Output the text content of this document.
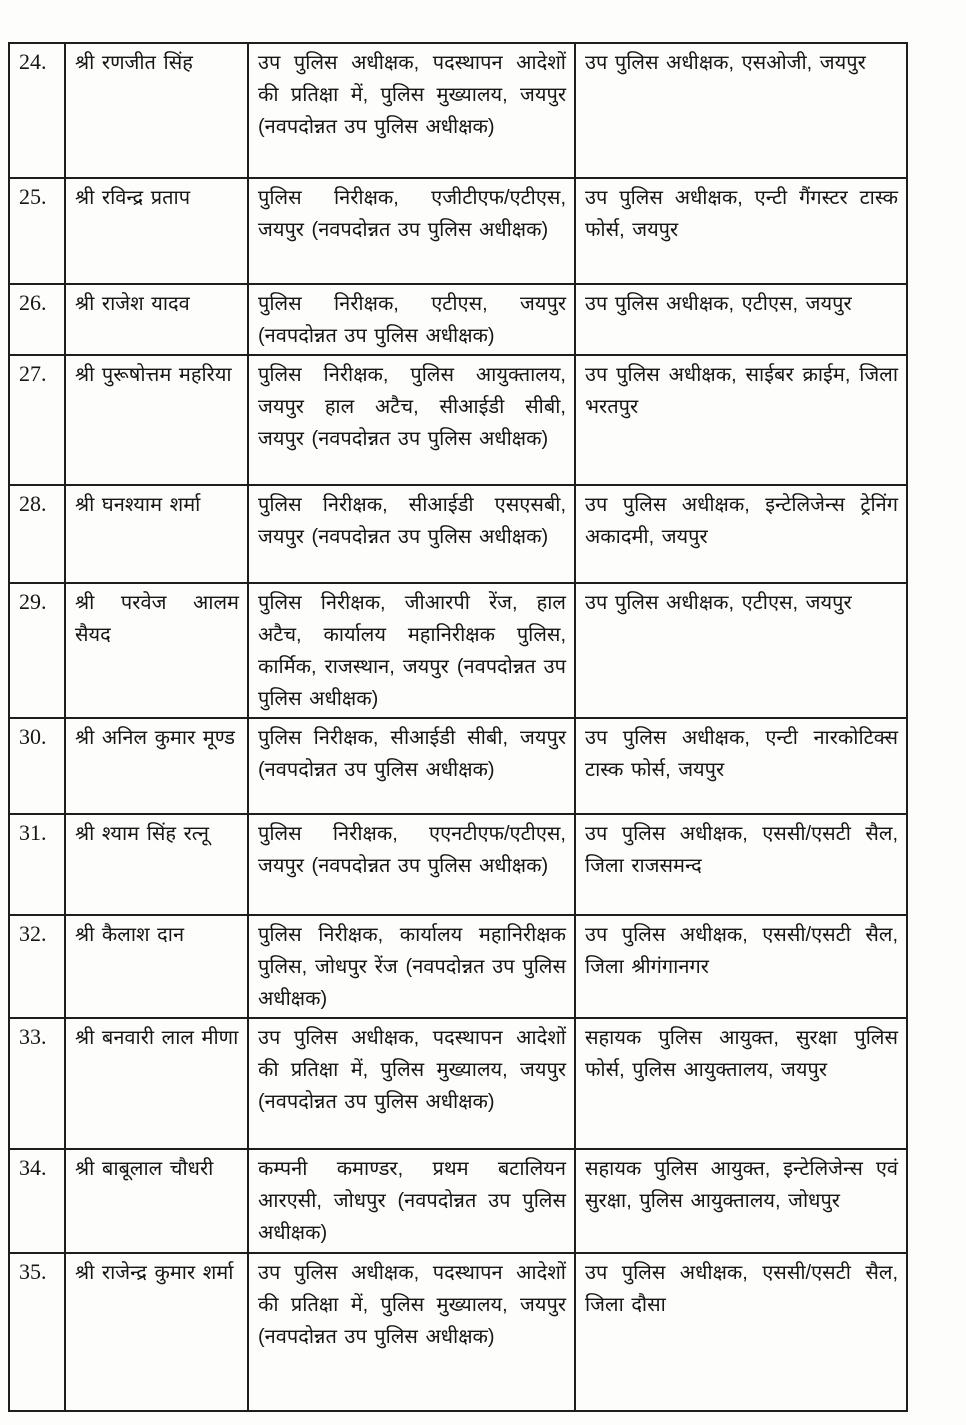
24.	श्री रणजीत सिंह	उप पुलिस अधीक्षक, पदस्थापन आदेशों की प्रतिक्षा में, पुलिस मुख्यालय, जयपुर (नवपदोन्नत उप पुलिस अधीक्षक)	उप पुलिस अधीक्षक, एसओजी, जयपुर
25.	श्री रविन्द्र प्रताप	पुलिस निरीक्षक, एजीटीएफ/एटीएस, जयपुर (नवपदोन्नत उप पुलिस अधीक्षक)	उप पुलिस अधीक्षक, एन्टी गैंगस्टर टास्क फोर्स, जयपुर
26.	श्री राजेश यादव	पुलिस निरीक्षक, एटीएस, जयपुर (नवपदोन्नत उप पुलिस अधीक्षक)	उप पुलिस अधीक्षक, एटीएस, जयपुर
27.	श्री पुरूषोत्तम महरिया	पुलिस निरीक्षक, पुलिस आयुक्तालय, जयपुर हाल अटैच, सीआईडी सीबी, जयपुर (नवपदोन्नत उप पुलिस अधीक्षक)	उप पुलिस अधीक्षक, साईबर क्राईम, जिला भरतपुर
28.	श्री घनश्याम शर्मा	पुलिस निरीक्षक, सीआईडी एसएसबी, जयपुर (नवपदोन्नत उप पुलिस अधीक्षक)	उप पुलिस अधीक्षक, इन्टेलिजेन्स ट्रेनिंग अकादमी, जयपुर
29.	श्री परवेज आलम सैयद	पुलिस निरीक्षक, जीआरपी रेंज, हाल अटैच, कार्यालय महानिरीक्षक पुलिस, कार्मिक, राजस्थान, जयपुर (नवपदोन्नत उप पुलिस अधीक्षक)	उप पुलिस अधीक्षक, एटीएस, जयपुर
30.	श्री अनिल कुमार मूण्ड	पुलिस निरीक्षक, सीआईडी सीबी, जयपुर (नवपदोन्नत उप पुलिस अधीक्षक)	उप पुलिस अधीक्षक, एन्टी नारकोटिक्स टास्क फोर्स, जयपुर
31.	श्री श्याम सिंह रत्नू	पुलिस निरीक्षक, एएनटीएफ/एटीएस, जयपुर (नवपदोन्नत उप पुलिस अधीक्षक)	उप पुलिस अधीक्षक, एससी/एसटी सैल, जिला राजसमन्द
32.	श्री कैलाश दान	पुलिस निरीक्षक, कार्यालय महानिरीक्षक पुलिस, जोधपुर रेंज (नवपदोन्नत उप पुलिस अधीक्षक)	उप पुलिस अधीक्षक, एससी/एसटी सैल, जिला श्रीगंगानगर
33.	श्री बनवारी लाल मीणा	उप पुलिस अधीक्षक, पदस्थापन आदेशों की प्रतिक्षा में, पुलिस मुख्यालय, जयपुर (नवपदोन्नत उप पुलिस अधीक्षक)	सहायक पुलिस आयुक्त, सुरक्षा पुलिस फोर्स, पुलिस आयुक्तालय, जयपुर
34.	श्री बाबूलाल चौधरी	कम्पनी कमाण्डर, प्रथम बटालियन आरएसी, जोधपुर (नवपदोन्नत उप पुलिस अधीक्षक)	सहायक पुलिस आयुक्त, इन्टेलिजेन्स एवं सुरक्षा, पुलिस आयुक्तालय, जोधपुर
35.	श्री राजेन्द्र कुमार शर्मा	उप पुलिस अधीक्षक, पदस्थापन आदेशों की प्रतिक्षा में, पुलिस मुख्यालय, जयपुर (नवपदोन्नत उप पुलिस अधीक्षक)	उप पुलिस अधीक्षक, एससी/एसटी सैल, जिला दौसा
